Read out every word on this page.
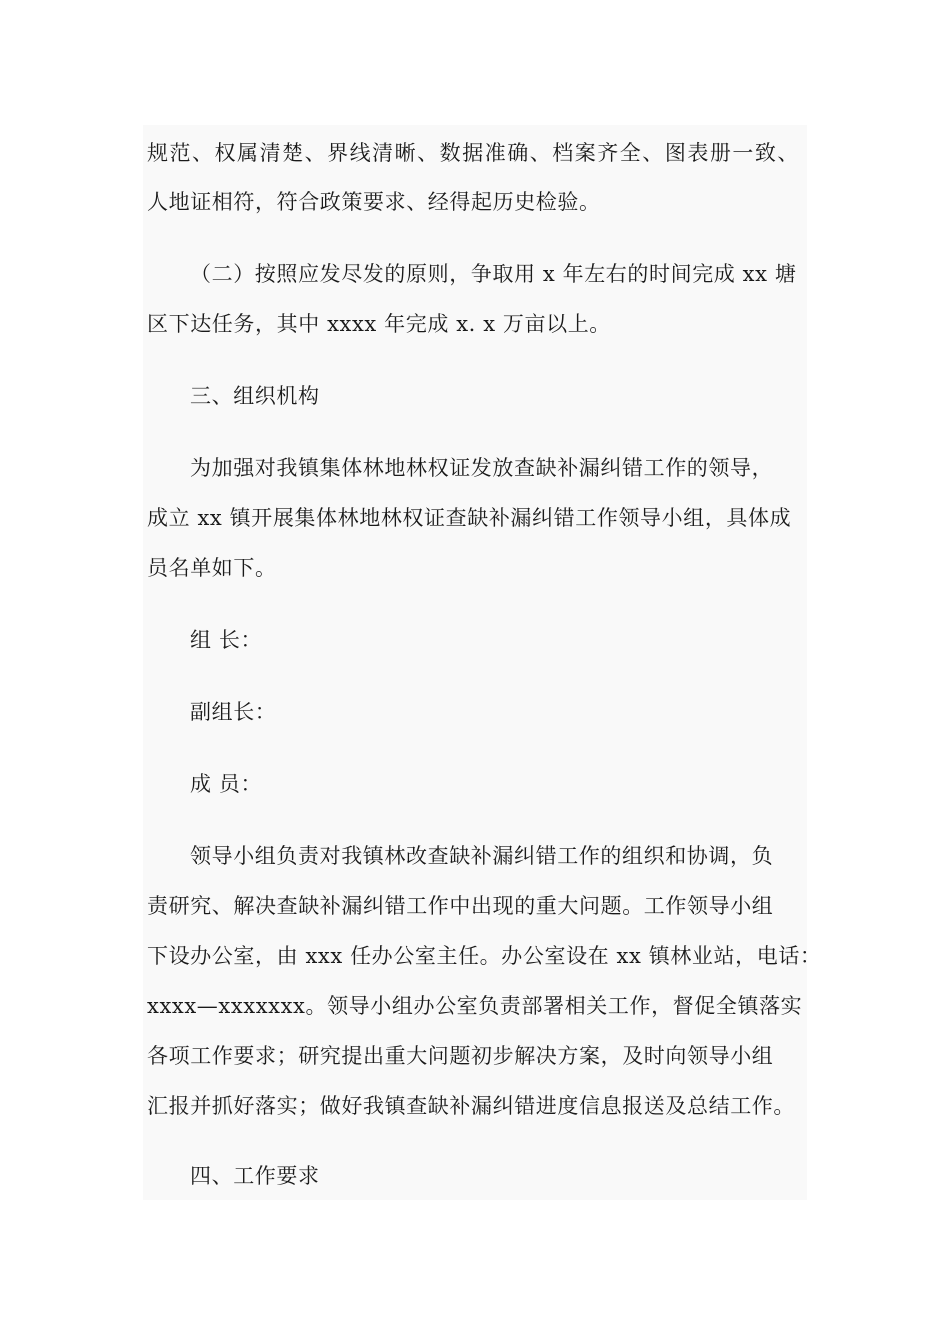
规范、权属清楚、界线清晰、数据准确、档案齐全、图表册一致、
人地证相符，符合政策要求、经得起历史检验。
（二）按照应发尽发的原则，争取用 x 年左右的时间完成 xx 塘
区下达任务，其中 xxxx 年完成 x. x 万亩以上。
三、组织机构
为加强对我镇集体林地林权证发放查缺补漏纠错工作的领导，
成立 xx 镇开展集体林地林权证查缺补漏纠错工作领导小组，具体成
员名单如下。
组 长：
副组长：
成 员：
领导小组负责对我镇林改查缺补漏纠错工作的组织和协调，负
责研究、解决查缺补漏纠错工作中出现的重大问题。工作领导小组
下设办公室，由 xxx 任办公室主任。办公室设在 xx 镇林业站，电话：
xxxx—xxxxxxx。领导小组办公室负责部署相关工作，督促全镇落实
各项工作要求；研究提出重大问题初步解决方案，及时向领导小组
汇报并抓好落实；做好我镇查缺补漏纠错进度信息报送及总结工作。
四、工作要求
